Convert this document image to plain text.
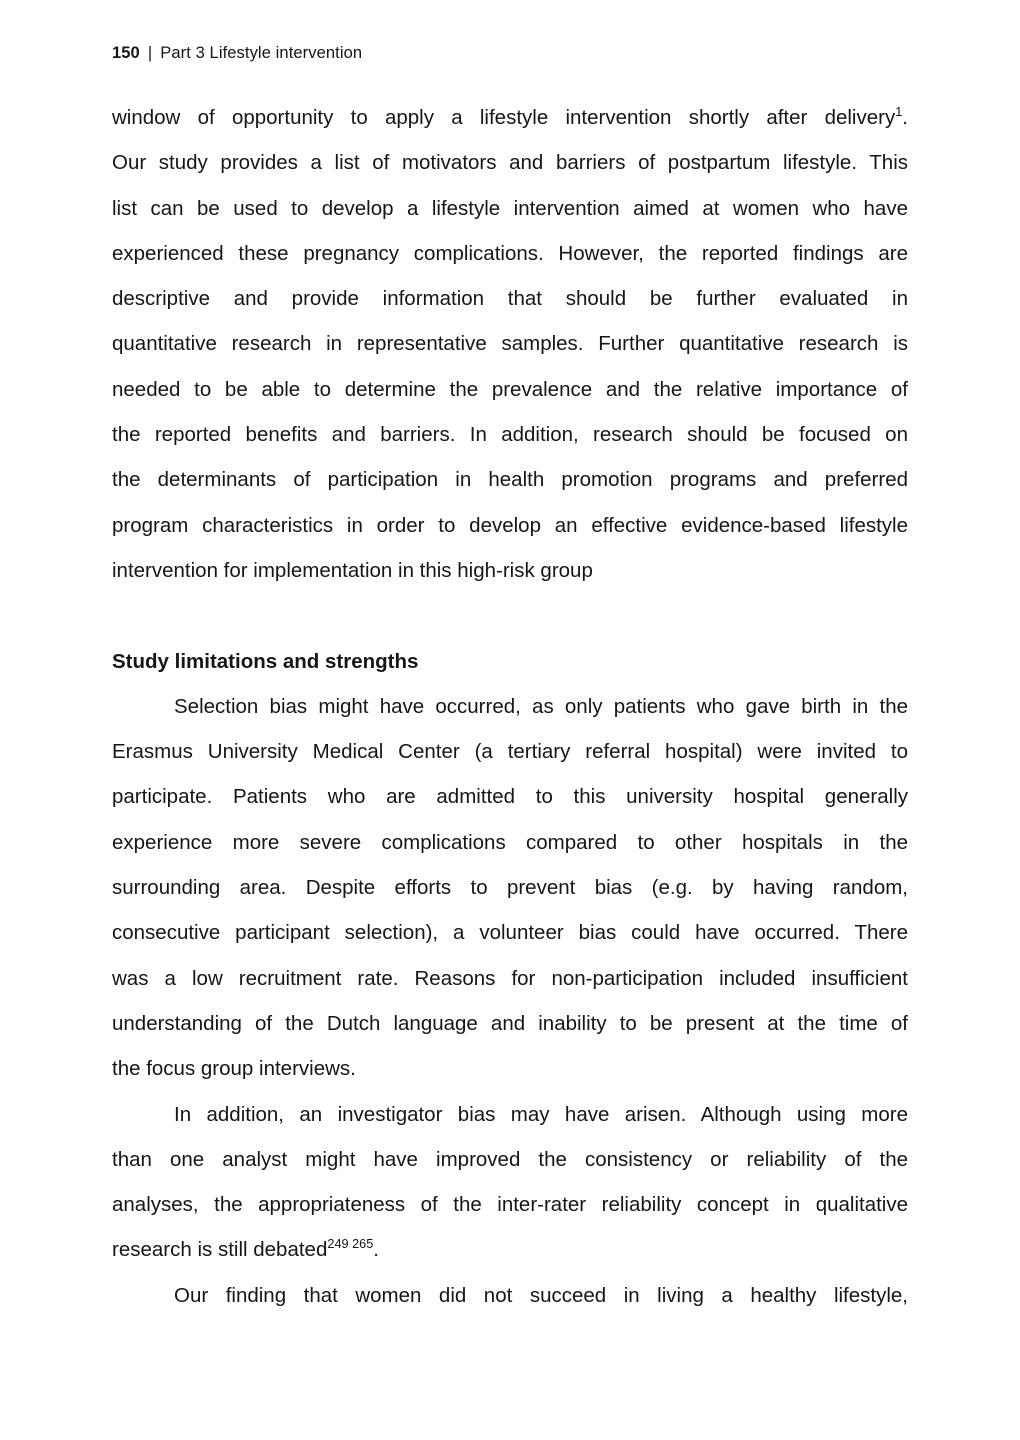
150 | Part 3 Lifestyle intervention
window of opportunity to apply a lifestyle intervention shortly after delivery$^1$.
Our study provides a list of motivators and barriers of postpartum lifestyle. This
list can be used to develop a lifestyle intervention aimed at women who have
experienced these pregnancy complications. However, the reported findings are
descriptive and provide information that should be further evaluated in
quantitative research in representative samples. Further quantitative research is
needed to be able to determine the prevalence and the relative importance of
the reported benefits and barriers. In addition, research should be focused on
the determinants of participation in health promotion programs and preferred
program characteristics in order to develop an effective evidence-based lifestyle
intervention for implementation in this high-risk group
Study limitations and strengths
Selection bias might have occurred, as only patients who gave birth in the
Erasmus University Medical Center (a tertiary referral hospital) were invited to
participate. Patients who are admitted to this university hospital generally
experience more severe complications compared to other hospitals in the
surrounding area. Despite efforts to prevent bias (e.g. by having random,
consecutive participant selection), a volunteer bias could have occurred. There
was a low recruitment rate. Reasons for non-participation included insufficient
understanding of the Dutch language and inability to be present at the time of
the focus group interviews.
In addition, an investigator bias may have arisen. Although using more
than one analyst might have improved the consistency or reliability of the
analyses, the appropriateness of the inter-rater reliability concept in qualitative
research is still debated$^{249 265}$.
Our finding that women did not succeed in living a healthy lifestyle,
